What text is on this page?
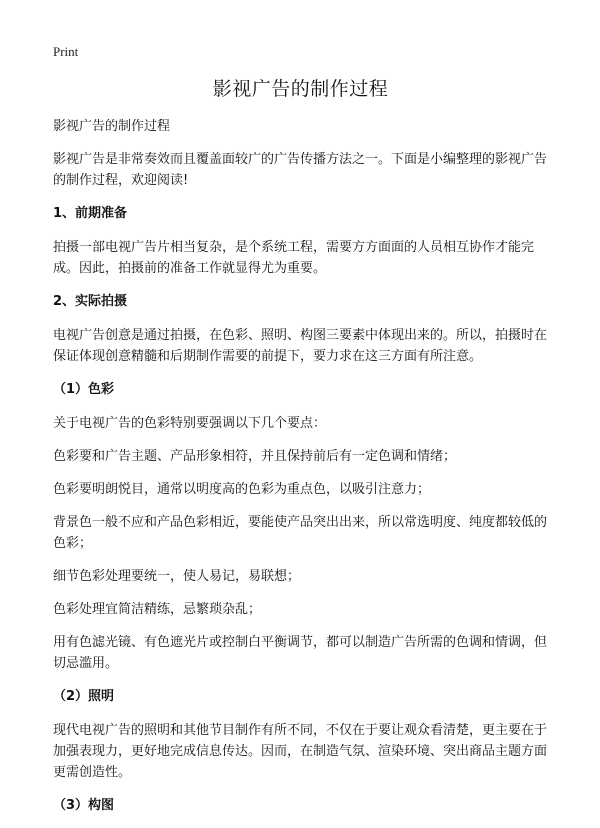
Print
影视广告的制作过程

影视广告的制作过程

影视广告是非常奏效而且覆盖面较广的广告传播方法之一。下面是小编整理的影视广告的制作过程，欢迎阅读!

1、前期准备

拍摄一部电视广告片相当复杂，是个系统工程，需要方方面面的人员相互协作才能完成。因此，拍摄前的准备工作就显得尤为重要。

2、实际拍摄

电视广告创意是通过拍摄，在色彩、照明、构图三要素中体现出来的。所以，拍摄时在保证体现创意精髓和后期制作需要的前提下，要力求在这三方面有所注意。

（1）色彩

关于电视广告的色彩特别要强调以下几个要点：

色彩要和广告主题、产品形象相符，并且保持前后有一定色调和情绪；

色彩要明朗悦目，通常以明度高的色彩为重点色，以吸引注意力；

背景色一般不应和产品色彩相近，要能使产品突出出来，所以常选明度、纯度都较低的色彩；

细节色彩处理要统一，使人易记，易联想；

色彩处理宜简洁精练，忌繁琐杂乱；

用有色滤光镜、有色遮光片或控制白平衡调节，都可以制造广告所需的色调和情调，但切忌滥用。

（2）照明

现代电视广告的照明和其他节目制作有所不同，不仅在于要让观众看清楚，更主要在于加强表现力，更好地完成信息传达。因而，在制造气氛、渲染环境、突出商品主题方面更需创造性。

（3）构图
